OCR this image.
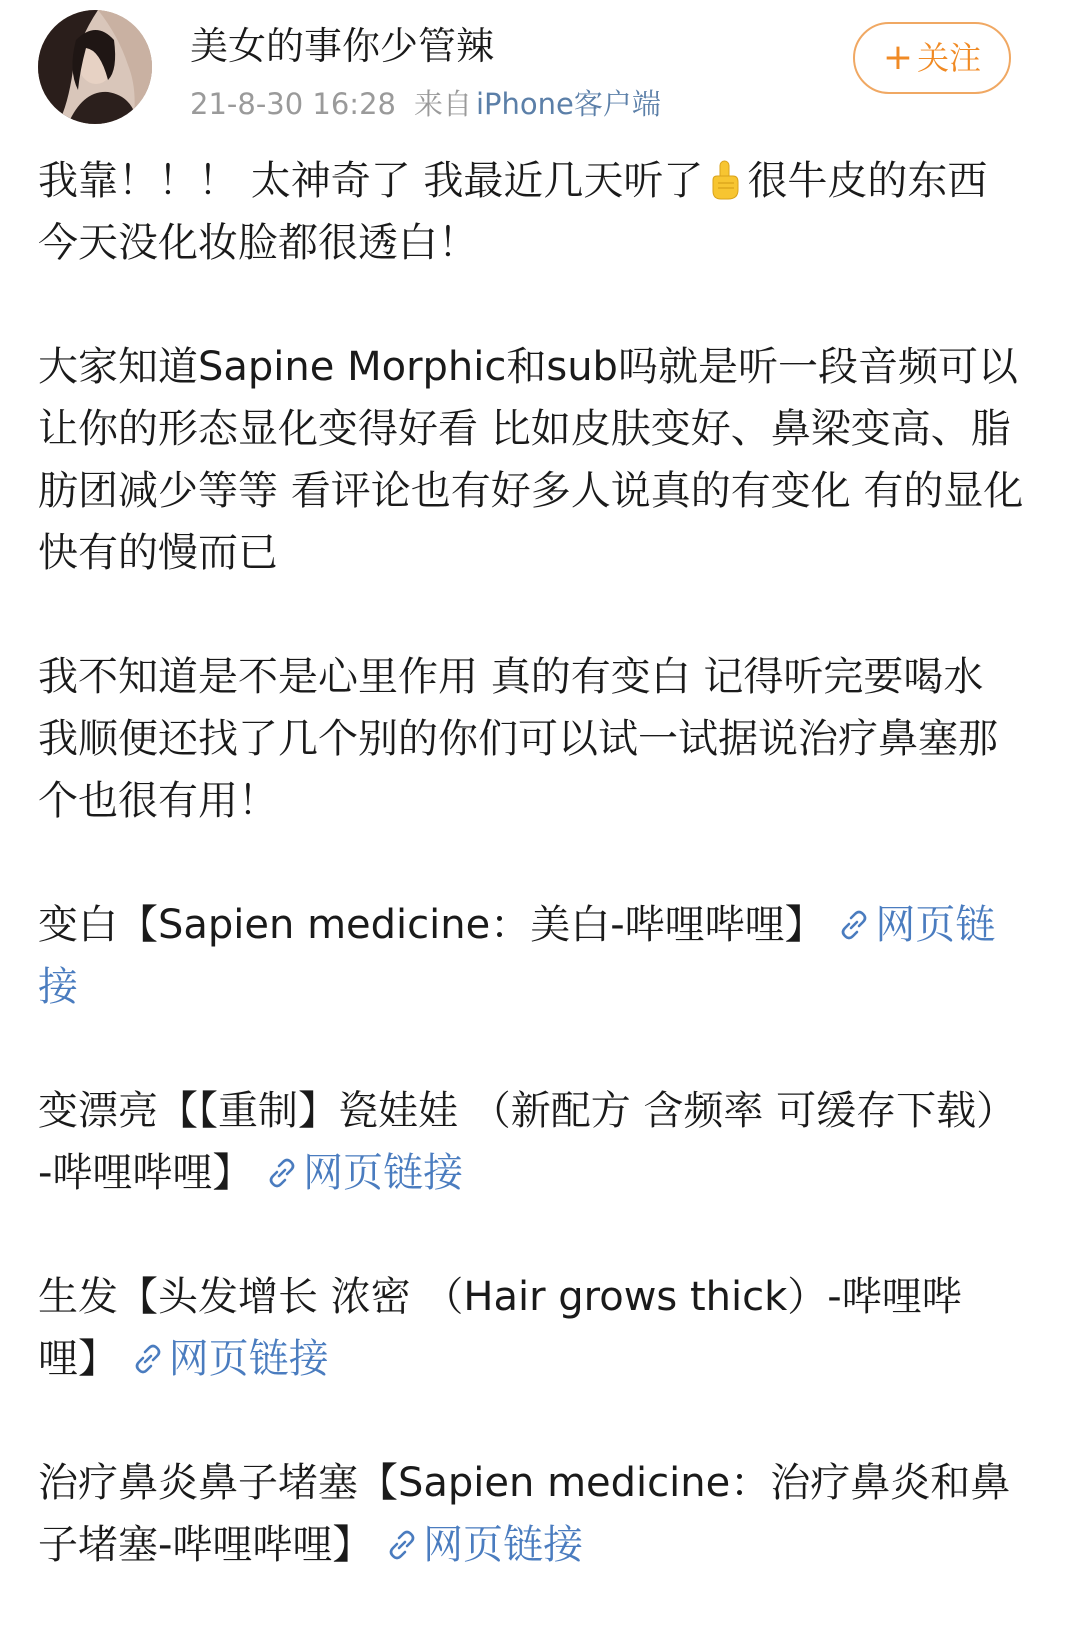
美女的事你少管辣
21-8-30 16:28 来自 iPhone客户端
+ 关注

我靠！！！ 太神奇了 我最近几天听了 很牛皮的东西 今天没化妆脸都很透白！

大家知道Sapine Morphic和sub吗就是听一段音频可以让你的形态显化变得好看 比如皮肤变好、鼻梁变高、脂肪团减少等等 看评论也有好多人说真的有变化 有的显化快有的慢而已

我不知道是不是心里作用 真的有变白 记得听完要喝水 我顺便还找了几个别的你们可以试一试据说治疗鼻塞那个也很有用！

变白【Sapien medicine：美白-哔哩哔哩】 网页链接

变漂亮【【重制】瓷娃娃 （新配方 含频率 可缓存下载）-哔哩哔哩】 网页链接

生发【头发增长 浓密 （Hair grows thick）-哔哩哔哩】 网页链接

治疗鼻炎鼻子堵塞【Sapien medicine：治疗鼻炎和鼻子堵塞-哔哩哔哩】 网页链接
